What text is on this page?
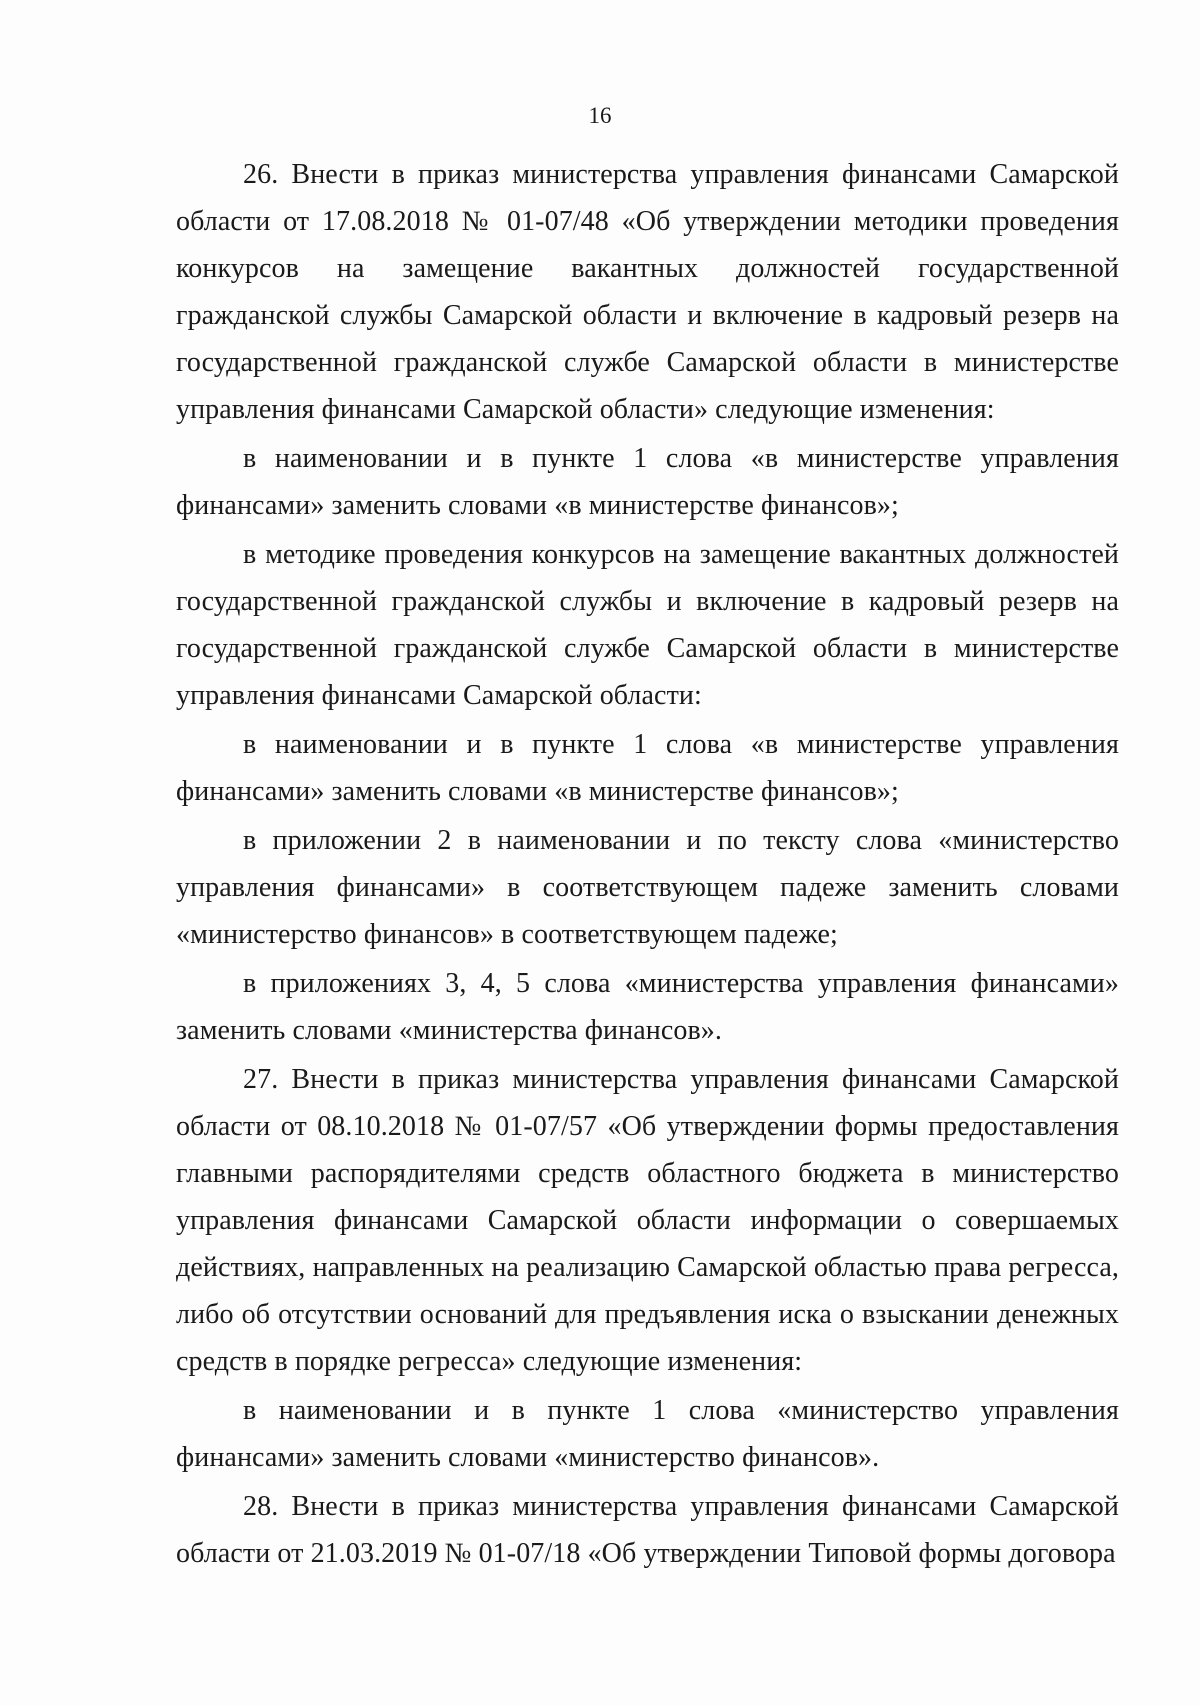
16

26. Внести в приказ министерства управления финансами Самарской области от 17.08.2018 № 01-07/48 «Об утверждении методики проведения конкурсов на замещение вакантных должностей государственной гражданской службы Самарской области и включение в кадровый резерв на государственной гражданской службе Самарской области в министерстве управления финансами Самарской области» следующие изменения:

в наименовании и в пункте 1 слова «в министерстве управления финансами» заменить словами «в министерстве финансов»;

в методике проведения конкурсов на замещение вакантных должностей государственной гражданской службы и включение в кадровый резерв на государственной гражданской службе Самарской области в министерстве управления финансами Самарской области:

в наименовании и в пункте 1 слова «в министерстве управления финансами» заменить словами «в министерстве финансов»;

в приложении 2 в наименовании и по тексту слова «министерство управления финансами» в соответствующем падеже заменить словами «министерство финансов» в соответствующем падеже;

в приложениях 3, 4, 5 слова «министерства управления финансами» заменить словами «министерства финансов».

27. Внести в приказ министерства управления финансами Самарской области от 08.10.2018 № 01-07/57 «Об утверждении формы предоставления главными распорядителями средств областного бюджета в министерство управления финансами Самарской области информации о совершаемых действиях, направленных на реализацию Самарской областью права регресса, либо об отсутствии оснований для предъявления иска о взыскании денежных средств в порядке регресса» следующие изменения:

в наименовании и в пункте 1 слова «министерство управления финансами» заменить словами «министерство финансов».

28. Внести в приказ министерства управления финансами Самарской области от 21.03.2019 № 01-07/18 «Об утверждении Типовой формы договора
